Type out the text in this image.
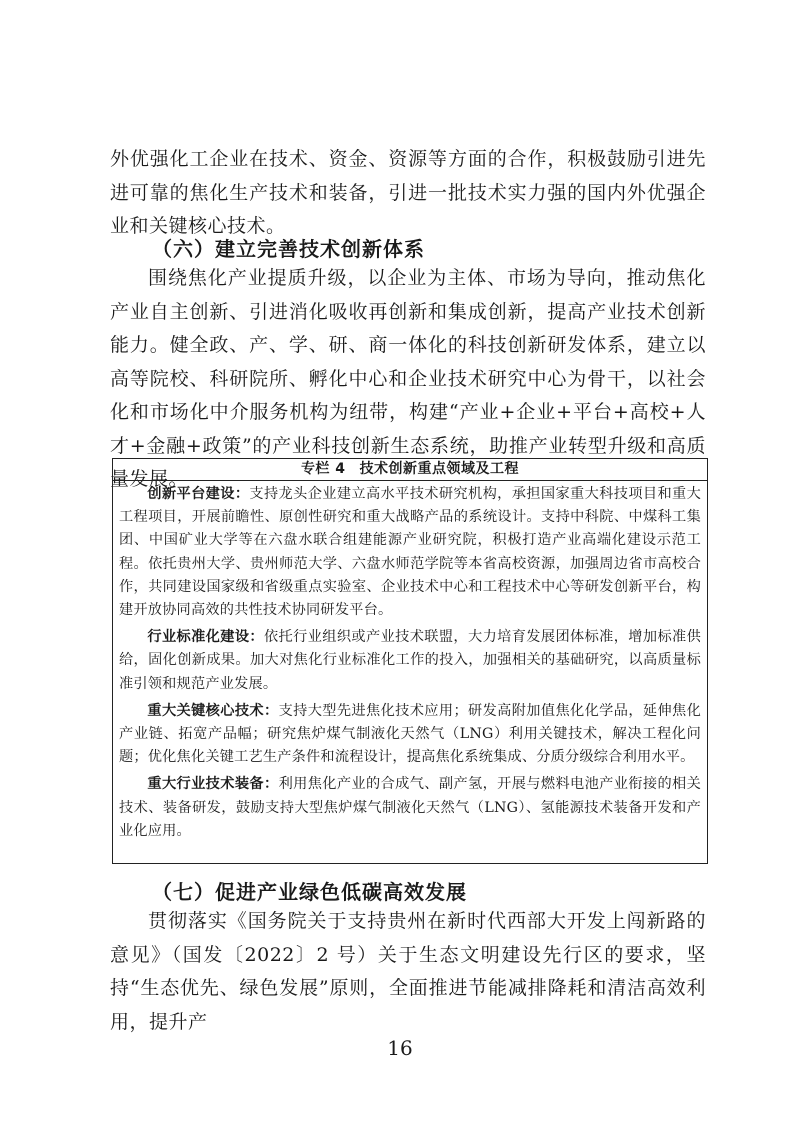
外优强化工企业在技术、资金、资源等方面的合作，积极鼓励引进先进可靠的焦化生产技术和装备，引进一批技术实力强的国内外优强企业和关键核心技术。
（六）建立完善技术创新体系
围绕焦化产业提质升级，以企业为主体、市场为导向，推动焦化产业自主创新、引进消化吸收再创新和集成创新，提高产业技术创新能力。健全政、产、学、研、商一体化的科技创新研发体系，建立以高等院校、科研院所、孵化中心和企业技术研究中心为骨干，以社会化和市场化中介服务机构为纽带，构建“产业+企业+平台+高校+人才+金融+政策”的产业科技创新生态系统，助推产业转型升级和高质量发展。	专栏 4 技术创新重点领域及工程

创新平台建设：支持龙头企业建立高水平技术研究机构，承担国家重大科技项目和重大工程项目，开展前瞻性、原创性研究和重大战略产品的系统设计。支持中科院、中煤科工集团、中国矿业大学等在六盘水联合组建能源产业研究院，积极打造产业高端化建设示范工程。依托贵州大学、贵州师范大学、六盘水师范学院等本省高校资源，加强周边省市高校合作，共同建设国家级和省级重点实验室、企业技术中心和工程技术中心等研发创新平台，构建开放协同高效的共性技术协同研发平台。

行业标准化建设：依托行业组织或产业技术联盟，大力培育发展团体标准，增加标准供给，固化创新成果。加大对焦化行业标准化工作的投入，加强相关的基础研究，以高质量标准引领和规范产业发展。

重大关键核心技术：支持大型先进焦化技术应用；研发高附加值焦化化学品，延伸焦化产业链、拓宽产品幅；研究焦炉煤气制液化天然气（LNG）利用关键技术，解决工程化问题；优化焦化关键工艺生产条件和流程设计，提高焦化系统集成、分质分级综合利用水平。

重大行业技术装备：利用焦化产业的合成气、副产氢，开展与燃料电池产业衔接的相关技术、装备研发，鼓励支持大型焦炉煤气制液化天然气（LNG）、氢能源技术装备开发和产业化应用。

（七）促进产业绿色低碳高效发展
贯彻落实《国务院关于支持贵州在新时代西部大开发上闯新路的意见》（国发〔2022〕2 号）关于生态文明建设先行区的要求，坚持“生态优先、绿色发展”原则，全面推进节能减排降耗和清洁高效利用，提升产
16
